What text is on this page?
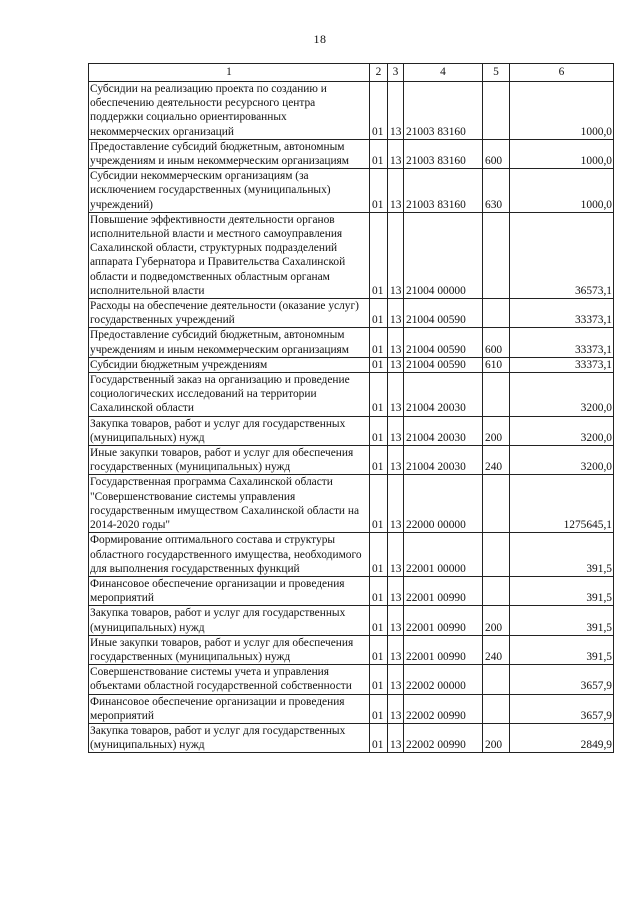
18
1	2	3	4	5	6
Субсидии на реализацию проекта по созданию и обеспечению деятельности ресурсного центра поддержки социально ориентированных некоммерческих организаций	01	13	21003 83160		1000,0
Предоставление субсидий бюджетным, автономным учреждениям и иным некоммерческим организациям	01	13	21003 83160	600	1000,0
Субсидии некоммерческим организациям (за исключением государственных (муниципальных) учреждений)	01	13	21003 83160	630	1000,0
Повышение эффективности деятельности органов исполнительной власти и местного самоуправления Сахалинской области, структурных подразделений аппарата Губернатора и Правительства Сахалинской области и подведомственных областным органам исполнительной власти	01	13	21004 00000		36573,1
Расходы на обеспечение деятельности (оказание услуг) государственных учреждений	01	13	21004 00590		33373,1
Предоставление субсидий бюджетным, автономным учреждениям и иным некоммерческим организациям	01	13	21004 00590	600	33373,1
Субсидии бюджетным учреждениям	01	13	21004 00590	610	33373,1
Государственный заказ на организацию и проведение социологических исследований на территории Сахалинской области	01	13	21004 20030		3200,0
Закупка товаров, работ и услуг для государственных (муниципальных) нужд	01	13	21004 20030	200	3200,0
Иные закупки товаров, работ и услуг для обеспечения государственных (муниципальных) нужд	01	13	21004 20030	240	3200,0
Государственная программа Сахалинской области "Совершенствование системы управления государственным имуществом Сахалинской области на 2014-2020 годы"	01	13	22000 00000		1275645,1
Формирование оптимального состава и структуры областного государственного имущества, необходимого для выполнения государственных функций	01	13	22001 00000		391,5
Финансовое обеспечение организации и проведения мероприятий	01	13	22001 00990		391,5
Закупка товаров, работ и услуг для государственных (муниципальных) нужд	01	13	22001 00990	200	391,5
Иные закупки товаров, работ и услуг для обеспечения государственных (муниципальных) нужд	01	13	22001 00990	240	391,5
Совершенствование системы учета и управления объектами областной государственной собственности	01	13	22002 00000		3657,9
Финансовое обеспечение организации и проведения мероприятий	01	13	22002 00990		3657,9
Закупка товаров, работ и услуг для государственных (муниципальных) нужд	01	13	22002 00990	200	2849,9
